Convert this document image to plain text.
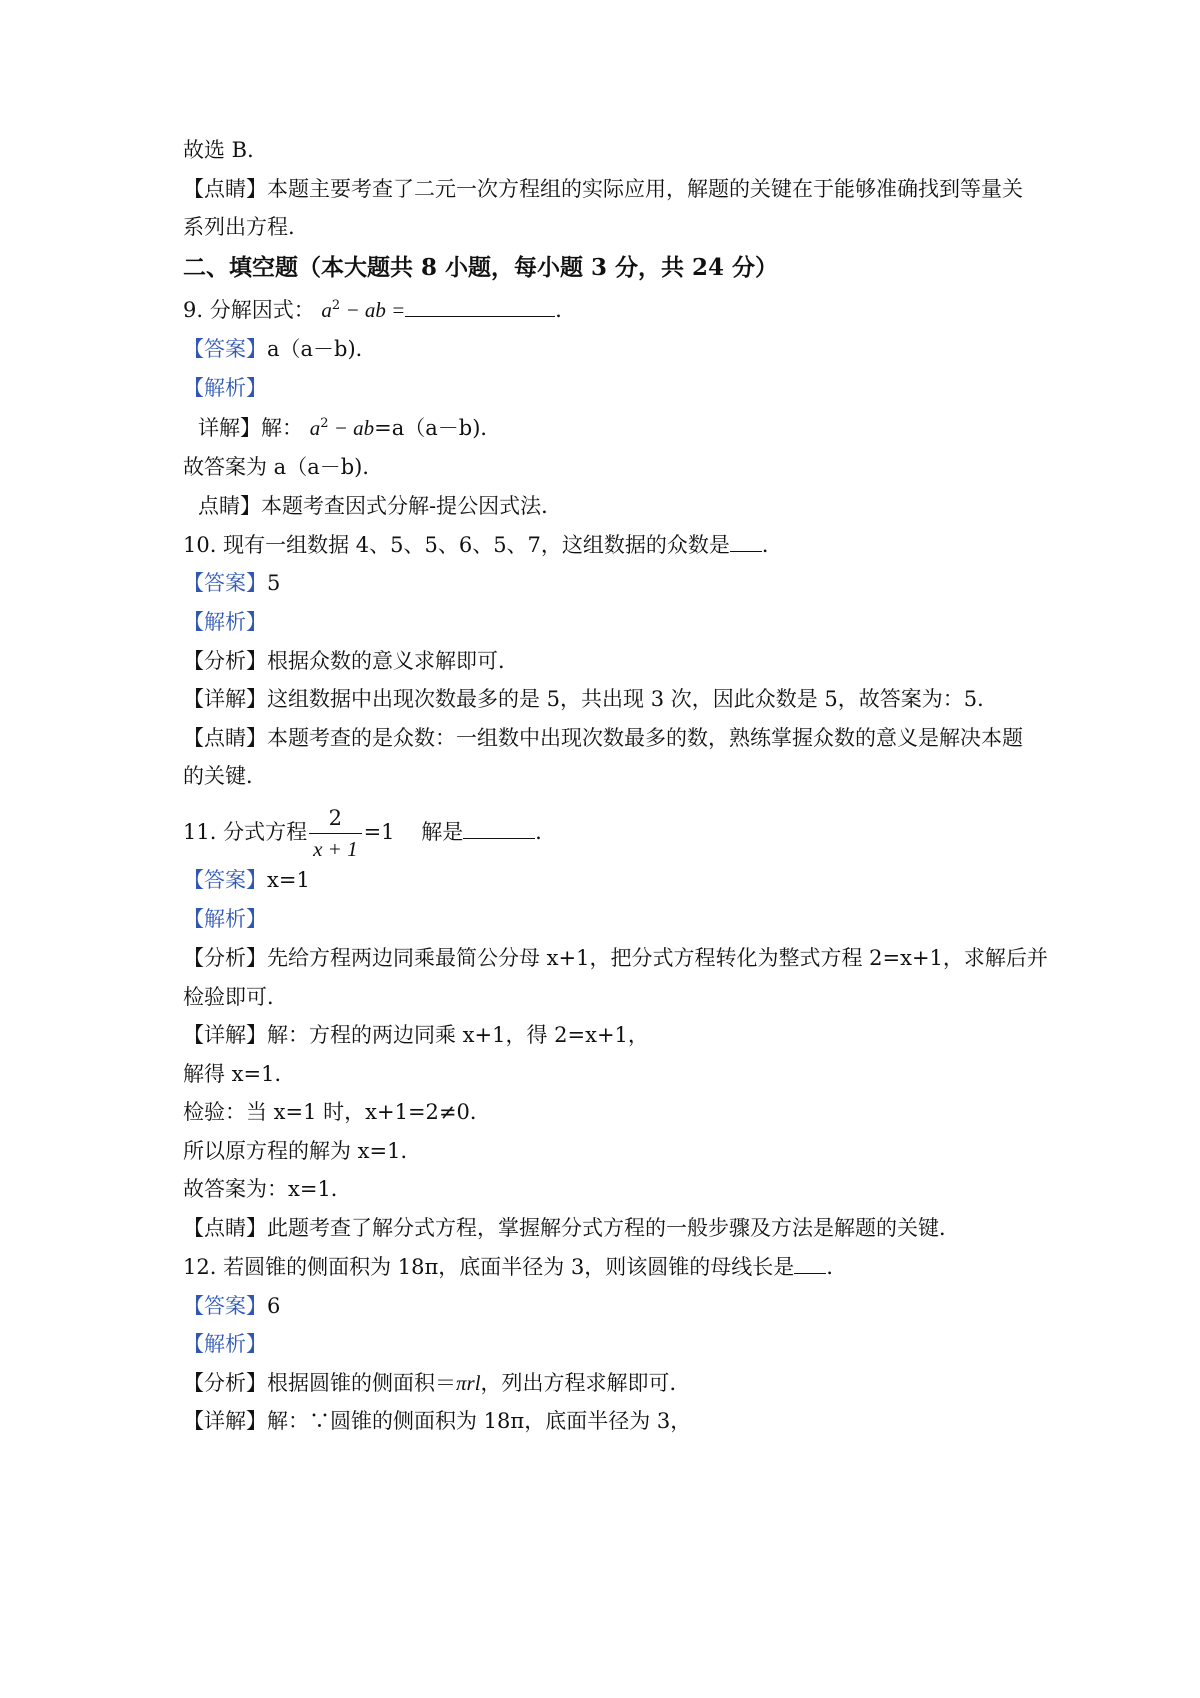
故选 B．
【点睛】本题主要考查了二元一次方程组的实际应用，解题的关键在于能够准确找到等量关
系列出方程.
二、填空题（本大题共 8 小题，每小题 3 分，共 24 分）
9. 分解因式： $a^2$ − ab =	．
【答案】a（a－b)．
【解析】
详解】解： $a^2 - ab=a(a-b)$．
故答案为 a（a－b)．
点睛】本题考查因式分解-提公因式法．
10. 现有一组数据 4、5、5、6、5、7，这组数据的众数是 ．
【答案】5
【解析】
【分析】根据众数的意义求解即可．
【详解】这组数据中出现次数最多的是 5，共出现 3 次，因此众数是 5，故答案为：5．
【点睛】本题考查的是众数：一组数中出现次数最多的数，熟练掌握众数的意义是解决本题
的关键．
11. 分式方程 $\frac{2}{x + 1} =1$ 解是	．
【答案】x=1
【解析】
【分析】先给方程两边同乘最简公分母 x+1，把分式方程转化为整式方程 2=x+1，求解后并
检验即可．
【详解】解：方程的两边同乘 x+1，得 2=x+1，
解得 x=1．
检验：当 x=1 时，x+1=2≠0．
所以原方程的解为 x=1．
故答案为：x=1．
【点睛】此题考查了解分式方程，掌握解分式方程的一般步骤及方法是解题的关键．
12. 若圆锥的侧面积为 18π，底面半径为 3，则该圆锥的母线长是 ．
【答案】6
【解析】
【分析】根据圆锥的侧面积＝πrl，列出方程求解即可．
【详解】解：∵圆锥的侧面积为 18π，底面半径为 3，
